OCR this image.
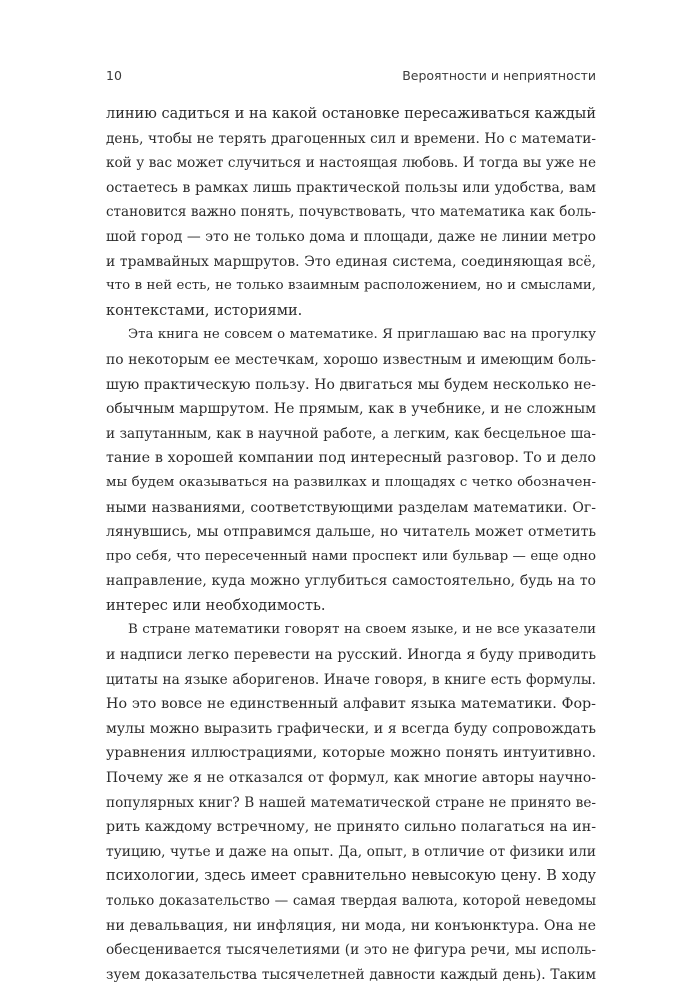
10	Вероятности и неприятности
линию садиться и на какой остановке пересаживаться каждый
день, чтобы не терять драгоценных сил и времени. Но с математи-
кой у вас может случиться и настоящая любовь. И тогда вы уже не
остаетесь в рамках лишь практической пользы или удобства, вам
становится важно понять, почувствовать, что математика как боль-
шой город — это не только дома и площади, даже не линии метро
и трамвайных маршрутов. Это единая система, соединяющая всё,
что в ней есть, не только взаимным расположением, но и смыслами,
контекстами, историями.
Эта книга не совсем о математике. Я приглашаю вас на прогулку
по некоторым ее местечкам, хорошо известным и имеющим боль-
шую практическую пользу. Но двигаться мы будем несколько не-
обычным маршрутом. Не прямым, как в учебнике, и не сложным
и запутанным, как в научной работе, а легким, как бесцельное ша-
тание в хорошей компании под интересный разговор. То и дело
мы будем оказываться на развилках и площадях с четко обозначен-
ными названиями, соответствующими разделам математики. Ог-
лянувшись, мы отправимся дальше, но читатель может отметить
про себя, что пересеченный нами проспект или бульвар — еще одно
направление, куда можно углубиться самостоятельно, будь на то
интерес или необходимость.
В стране математики говорят на своем языке, и не все указатели
и надписи легко перевести на русский. Иногда я буду приводить
цитаты на языке аборигенов. Иначе говоря, в книге есть формулы.
Но это вовсе не единственный алфавит языка математики. Фор-
мулы можно выразить графически, и я всегда буду сопровождать
уравнения иллюстрациями, которые можно понять интуитивно.
Почему же я не отказался от формул, как многие авторы научно-
популярных книг? В нашей математической стране не принято ве-
рить каждому встречному, не принято сильно полагаться на ин-
туицию, чутье и даже на опыт. Да, опыт, в отличие от физики или
психологии, здесь имеет сравнительно невысокую цену. В ходу
только доказательство — самая твердая валюта, которой неведомы
ни девальвация, ни инфляция, ни мода, ни конъюнктура. Она не
обесценивается тысячелетиями (и это не фигура речи, мы исполь-
зуем доказательства тысячелетней давности каждый день). Таким
